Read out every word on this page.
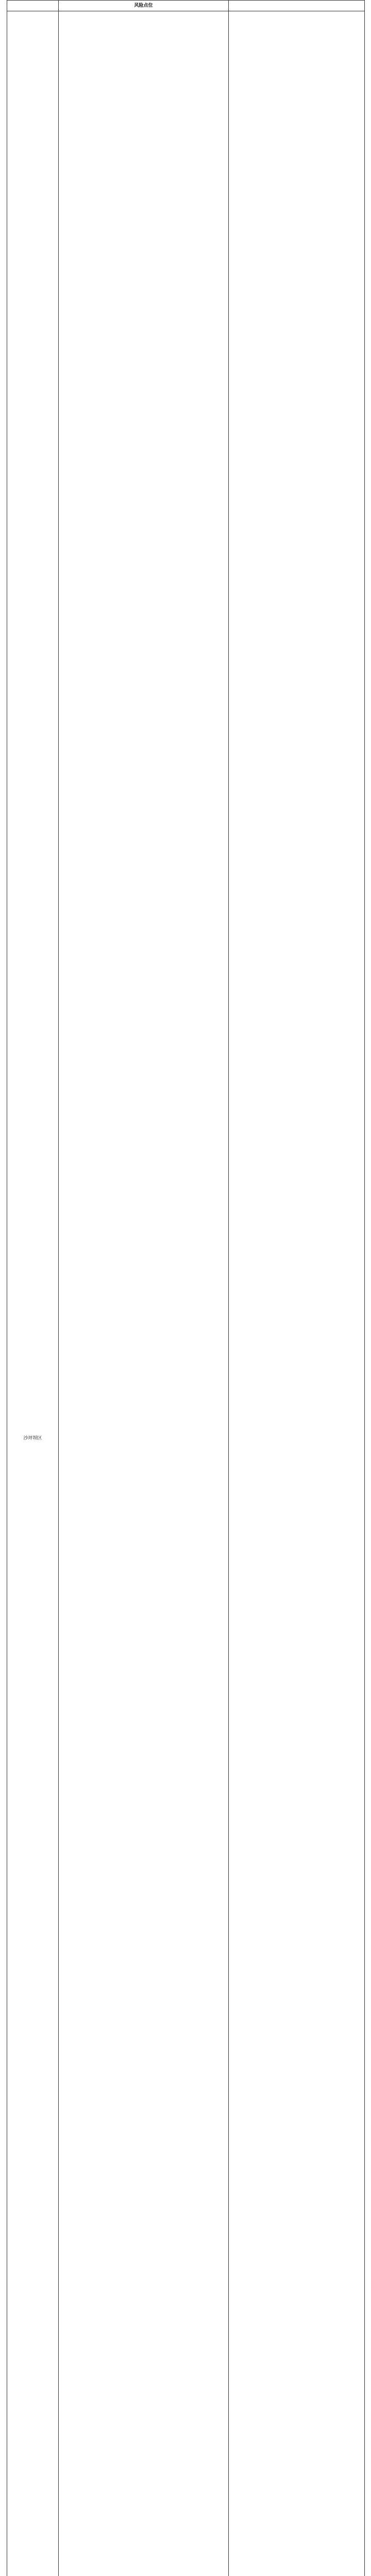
	风险点位	
沙坪坝区		
